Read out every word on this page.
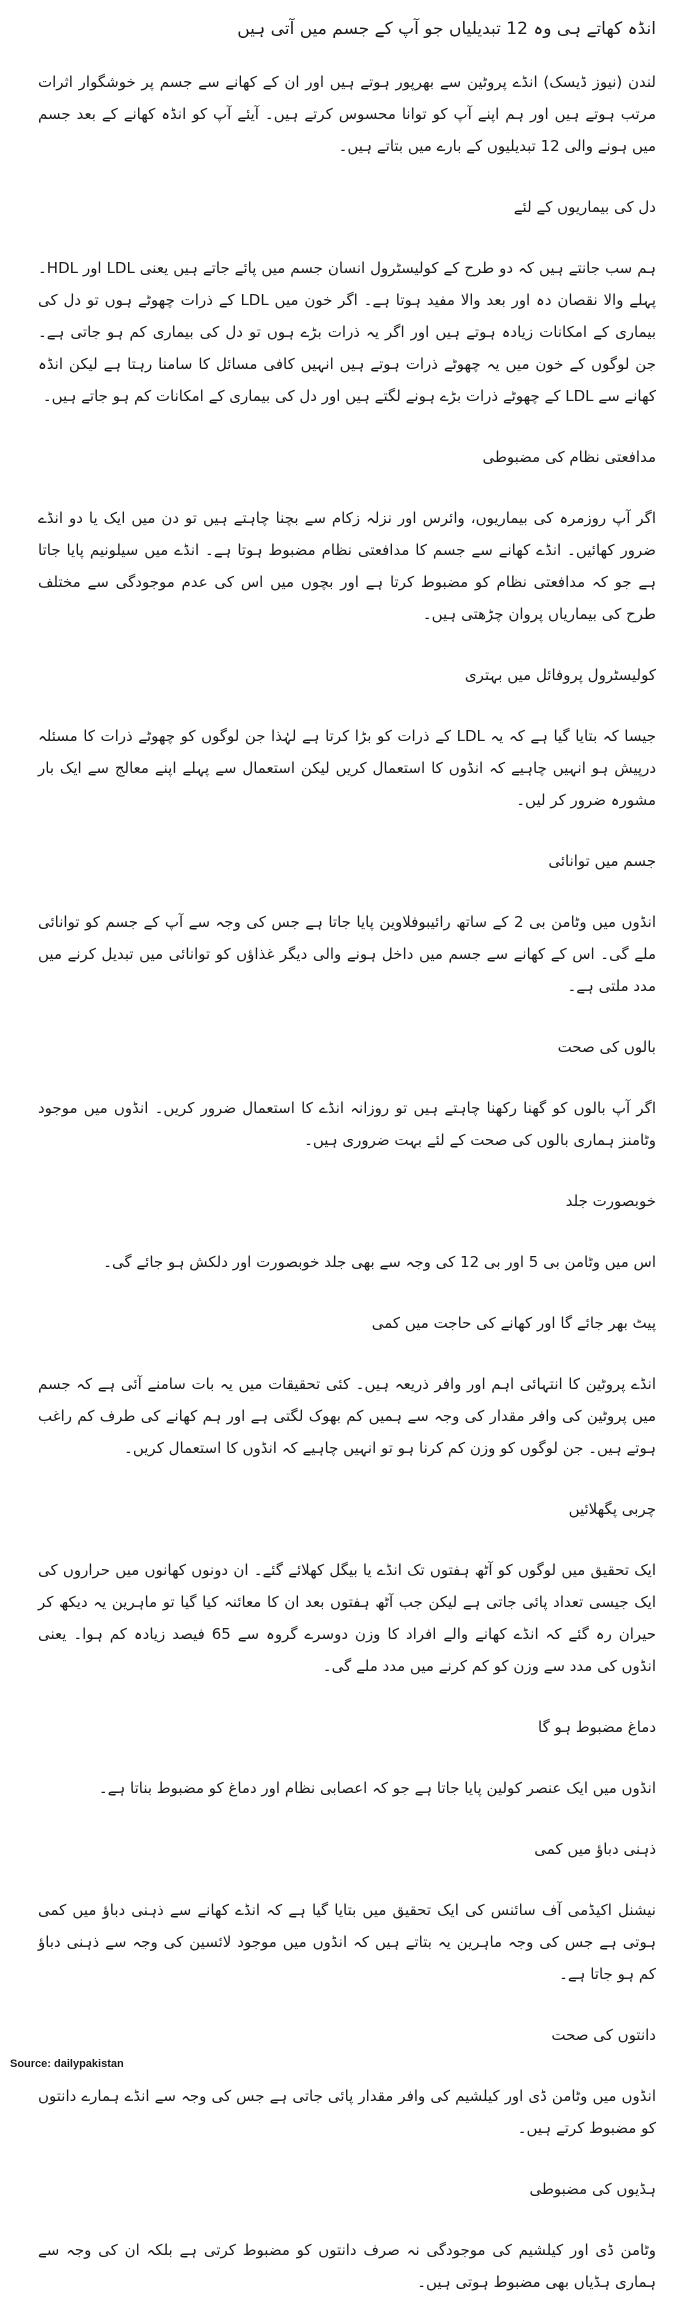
انڈہ کھاتے ہی وہ 12 تبدیلیاں جو آپ کے جسم میں آتی ہیں

لندن (نیوز ڈیسک) انڈے پروٹین سے بھرپور ہوتے ہیں اور ان کے کھانے سے جسم پر خوشگوار اثرات مرتب ہوتے ہیں اور ہم اپنے آپ کو توانا محسوس کرتے ہیں۔ آیئے آپ کو انڈہ کھانے کے بعد جسم میں ہونے والی 12 تبدیلیوں کے بارے میں بتاتے ہیں۔

دل کی بیماریوں کے لئے

ہم سب جانتے ہیں کہ دو طرح کے کولیسٹرول انسان جسم میں پائے جاتے ہیں یعنی LDL اور HDL۔ پہلے والا نقصان دہ اور بعد والا مفید ہوتا ہے۔ اگر خون میں LDL کے ذرات چھوٹے ہوں تو دل کی بیماری کے امکانات زیادہ ہوتے ہیں اور اگر یہ ذرات بڑے ہوں تو دل کی بیماری کم ہو جاتی ہے۔ جن لوگوں کے خون میں یہ چھوٹے ذرات ہوتے ہیں انہیں کافی مسائل کا سامنا رہتا ہے لیکن انڈہ کھانے سے LDL کے چھوٹے ذرات بڑے ہونے لگتے ہیں اور دل کی بیماری کے امکانات کم ہو جاتے ہیں۔

مدافعتی نظام کی مضبوطی

اگر آپ روزمرہ کی بیماریوں، وائرس اور نزلہ زکام سے بچنا چاہتے ہیں تو دن میں ایک یا دو انڈے ضرور کھائیں۔ انڈے کھانے سے جسم کا مدافعتی نظام مضبوط ہوتا ہے۔ انڈے میں سیلونیم پایا جاتا ہے جو کہ مدافعتی نظام کو مضبوط کرتا ہے اور بچوں میں اس کی عدم موجودگی سے مختلف طرح کی بیماریاں پروان چڑھتی ہیں۔

کولیسٹرول پروفائل میں بہتری

جیسا کہ بتایا گیا ہے کہ یہ LDL کے ذرات کو بڑا کرتا ہے لہٰذا جن لوگوں کو چھوٹے ذرات کا مسئلہ درپیش ہو انہیں چاہیے کہ انڈوں کا استعمال کریں لیکن استعمال سے پہلے اپنے معالج سے ایک بار مشورہ ضرور کر لیں۔

جسم میں توانائی

انڈوں میں وٹامن بی 2 کے ساتھ رائیبوفلاوین پایا جاتا ہے جس کی وجہ سے آپ کے جسم کو توانائی ملے گی۔ اس کے کھانے سے جسم میں داخل ہونے والی دیگر غذاؤں کو توانائی میں تبدیل کرنے میں مدد ملتی ہے۔

بالوں کی صحت

اگر آپ بالوں کو گھنا رکھنا چاہتے ہیں تو روزانہ انڈے کا استعمال ضرور کریں۔ انڈوں میں موجود وٹامنز ہماری بالوں کی صحت کے لئے بہت ضروری ہیں۔

خوبصورت جلد

اس میں وٹامن بی 5 اور بی 12 کی وجہ سے بھی جلد خوبصورت اور دلکش ہو جائے گی۔

پیٹ بھر جائے گا اور کھانے کی حاجت میں کمی

انڈے پروٹین کا انتہائی اہم اور وافر ذریعہ ہیں۔ کئی تحقیقات میں یہ بات سامنے آئی ہے کہ جسم میں پروٹین کی وافر مقدار کی وجہ سے ہمیں کم بھوک لگتی ہے اور ہم کھانے کی طرف کم راغب ہوتے ہیں۔ جن لوگوں کو وزن کم کرنا ہو تو انہیں چاہیے کہ انڈوں کا استعمال کریں۔

چربی پگھلائیں

ایک تحقیق میں لوگوں کو آٹھ ہفتوں تک انڈے یا بیگل کھلائے گئے۔ ان دونوں کھانوں میں حراروں کی ایک جیسی تعداد پائی جاتی ہے لیکن جب آٹھ ہفتوں بعد ان کا معائنہ کیا گیا تو ماہرین یہ دیکھ کر حیران رہ گئے کہ انڈے کھانے والے افراد کا وزن دوسرے گروہ سے 65 فیصد زیادہ کم ہوا۔ یعنی انڈوں کی مدد سے وزن کو کم کرنے میں مدد ملے گی۔

دماغ مضبوط ہو گا

انڈوں میں ایک عنصر کولین پایا جاتا ہے جو کہ اعصابی نظام اور دماغ کو مضبوط بناتا ہے۔

ذہنی دباؤ میں کمی

نیشنل اکیڈمی آف سائنس کی ایک تحقیق میں بتایا گیا ہے کہ انڈے کھانے سے ذہنی دباؤ میں کمی ہوتی ہے جس کی وجہ ماہرین یہ بتاتے ہیں کہ انڈوں میں موجود لائسین کی وجہ سے ذہنی دباؤ کم ہو جاتا ہے۔

دانتوں کی صحت

انڈوں میں وٹامن ڈی اور کیلشیم کی وافر مقدار پائی جاتی ہے جس کی وجہ سے انڈے ہمارے دانتوں کو مضبوط کرتے ہیں۔

ہڈیوں کی مضبوطی

وٹامن ڈی اور کیلشیم کی موجودگی نہ صرف دانتوں کو مضبوط کرتی ہے بلکہ ان کی وجہ سے ہماری ہڈیاں بھی مضبوط ہوتی ہیں۔

Source: dailypakistan
